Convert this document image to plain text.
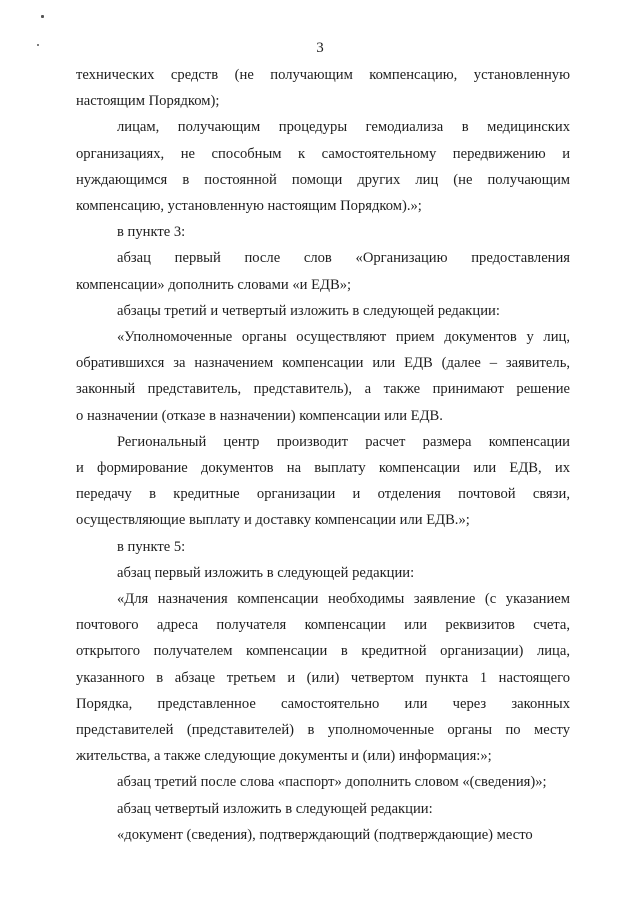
3
технических средств (не получающим компенсацию, установленную
настоящим Порядком);
лицам, получающим процедуры гемодиализа в медицинских
организациях, не способным к самостоятельному передвижению и
нуждающимся в постоянной помощи других лиц (не получающим
компенсацию, установленную настоящим Порядком).»;
в пункте 3:
абзац первый после слов «Организацию предоставления
компенсации» дополнить словами «и ЕДВ»;
абзацы третий и четвертый изложить в следующей редакции:
«Уполномоченные органы осуществляют прием документов у лиц,
обратившихся за назначением компенсации или ЕДВ (далее – заявитель,
законный представитель, представитель), а также принимают решение
о назначении (отказе в назначении) компенсации или ЕДВ.
Региональный центр производит расчет размера компенсации
и формирование документов на выплату компенсации или ЕДВ, их
передачу в кредитные организации и отделения почтовой связи,
осуществляющие выплату и доставку компенсации или ЕДВ.»;
в пункте 5:
абзац первый изложить в следующей редакции:
«Для назначения компенсации необходимы заявление (с указанием
почтового адреса получателя компенсации или реквизитов счета,
открытого получателем компенсации в кредитной организации) лица,
указанного в абзаце третьем и (или) четвертом пункта 1 настоящего
Порядка, представленное самостоятельно или через законных
представителей (представителей) в уполномоченные органы по месту
жительства, а также следующие документы и (или) информация:»;
абзац третий после слова «паспорт» дополнить словом «(сведения)»;
абзац четвертый изложить в следующей редакции:
«документ (сведения), подтверждающий (подтверждающие) место
